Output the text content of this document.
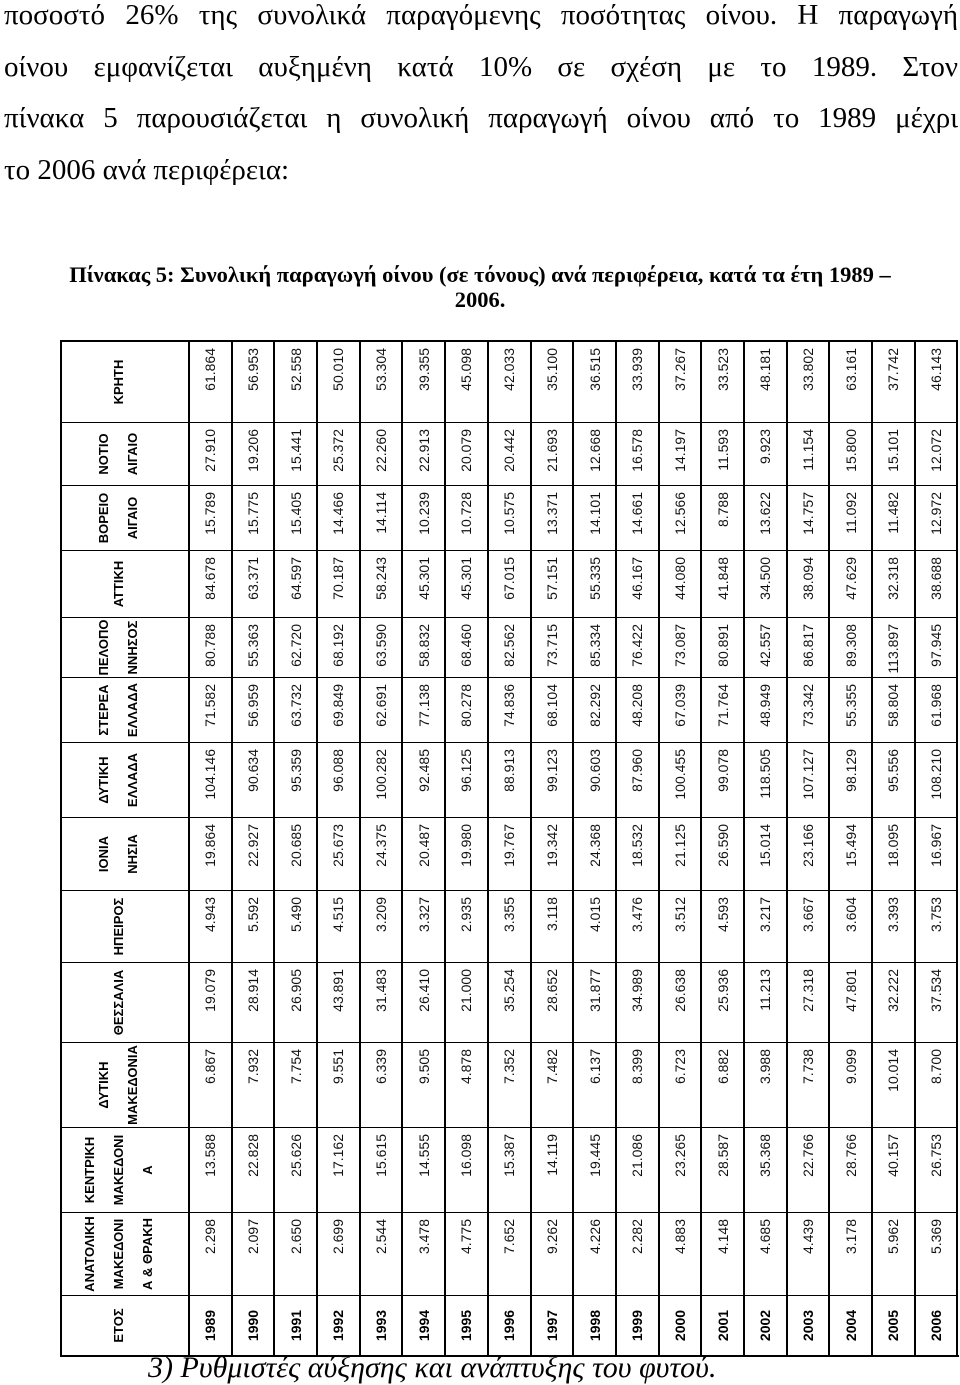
ποσοστό 26% της συνολικά παραγόμενης ποσότητας οίνου. Η παραγωγή
οίνου εμφανίζεται αυξημένη κατά 10% σε σχέση με το 1989. Στον
πίνακα 5 παρουσιάζεται η συνολική παραγωγή οίνου από το 1989 μέχρι
το 2006 ανά περιφέρεια:
Πίνακας 5: Συνολική παραγωγή οίνου (σε τόνους) ανά περιφέρεια, κατά τα έτη 1989 –
2006.
ΕΤΟΣ
ΑΝΑΤΟΛΙΚΗ
ΜΑΚΕΔΟΝΙ
Α & ΘΡΑΚΗ
ΚΕΝΤΡΙΚΗ
ΜΑΚΕΔΟΝΙ
Α
ΔΥΤΙΚΗ
ΜΑΚΕΔΟΝΙΑ
ΘΕΣΣΑΛΙΑ
ΗΠΕΙΡΟΣ
ΙΟΝΙΑ
ΝΗΣΙΑ
ΔΥΤΙΚΗ
ΕΛΛΑΔΑ
ΣΤΕΡΕΑ
ΕΛΛΑΔΑ
ΠΕΛΟΠΟ
ΝΝΗΣΟΣ
ΑΤΤΙΚΗ
ΒΟΡΕΙΟ
ΑΙΓΑΙΟ
ΝΟΤΙΟ
ΑΙΓΑΙΟ
ΚΡΗΤΗ
1989
2.298
13.588
6.867
19.079
4.943
19.864
104.146
71.582
80.788
84.678
15.789
27.910
61.864
1990
2.097
22.828
7.932
28.914
5.592
22.927
90.634
56.959
55.363
63.371
15.775
19.206
56.953
1991
2.650
25.626
7.754
26.905
5.490
20.685
95.359
63.732
62.720
64.597
15.405
15.441
52.558
1992
2.699
17.162
9.551
43.891
4.515
25.673
96.088
69.849
68.192
70.187
14.466
25.372
50.010
1993
2.544
15.615
6.339
31.483
3.209
24.375
100.282
62.691
63.590
58.243
14.114
22.260
53.304
1994
3.478
14.555
9.505
26.410
3.327
20.487
92.485
77.138
58.832
45.301
10.239
22.913
39.355
1995
4.775
16.098
4.878
21.000
2.935
19.980
96.125
80.278
68.460
45.301
10.728
20.079
45.098
1996
7.652
15.387
7.352
35.254
3.355
19.767
88.913
74.836
82.562
67.015
10.575
20.442
42.033
1997
9.262
14.119
7.482
28.652
3.118
19.342
99.123
68.104
73.715
57.151
13.371
21.693
35.100
1998
4.226
19.445
6.137
31.877
4.015
24.368
90.603
82.292
85.334
55.335
14.101
12.668
36.515
1999
2.282
21.086
8.399
34.989
3.476
18.532
87.960
48.208
76.422
46.167
14.661
16.578
33.939
2000
4.883
23.265
6.723
26.638
3.512
21.125
100.455
67.039
73.087
44.080
12.566
14.197
37.267
2001
4.148
28.587
6.882
25.936
4.593
26.590
99.078
71.764
80.891
41.848
8.788
11.593
33.523
2002
4.685
35.368
3.988
11.213
3.217
15.014
118.505
48.949
42.557
34.500
13.622
9.923
48.181
2003
4.439
22.766
7.738
27.318
3.667
23.166
107.127
73.342
86.817
38.094
14.757
11.154
33.802
2004
3.178
28.766
9.099
47.801
3.604
15.494
98.129
55.355
89.308
47.629
11.092
15.800
63.161
2005
5.962
40.157
10.014
32.222
3.393
18.095
95.556
58.804
113.897
32.318
11.482
15.101
37.742
2006
5.369
26.753
8.700
37.534
3.753
16.967
108.210
61.968
97.945
38.688
12.972
12.072
46.143
3) Ρυθμιστές αύξησης και ανάπτυξης του φυτού.
